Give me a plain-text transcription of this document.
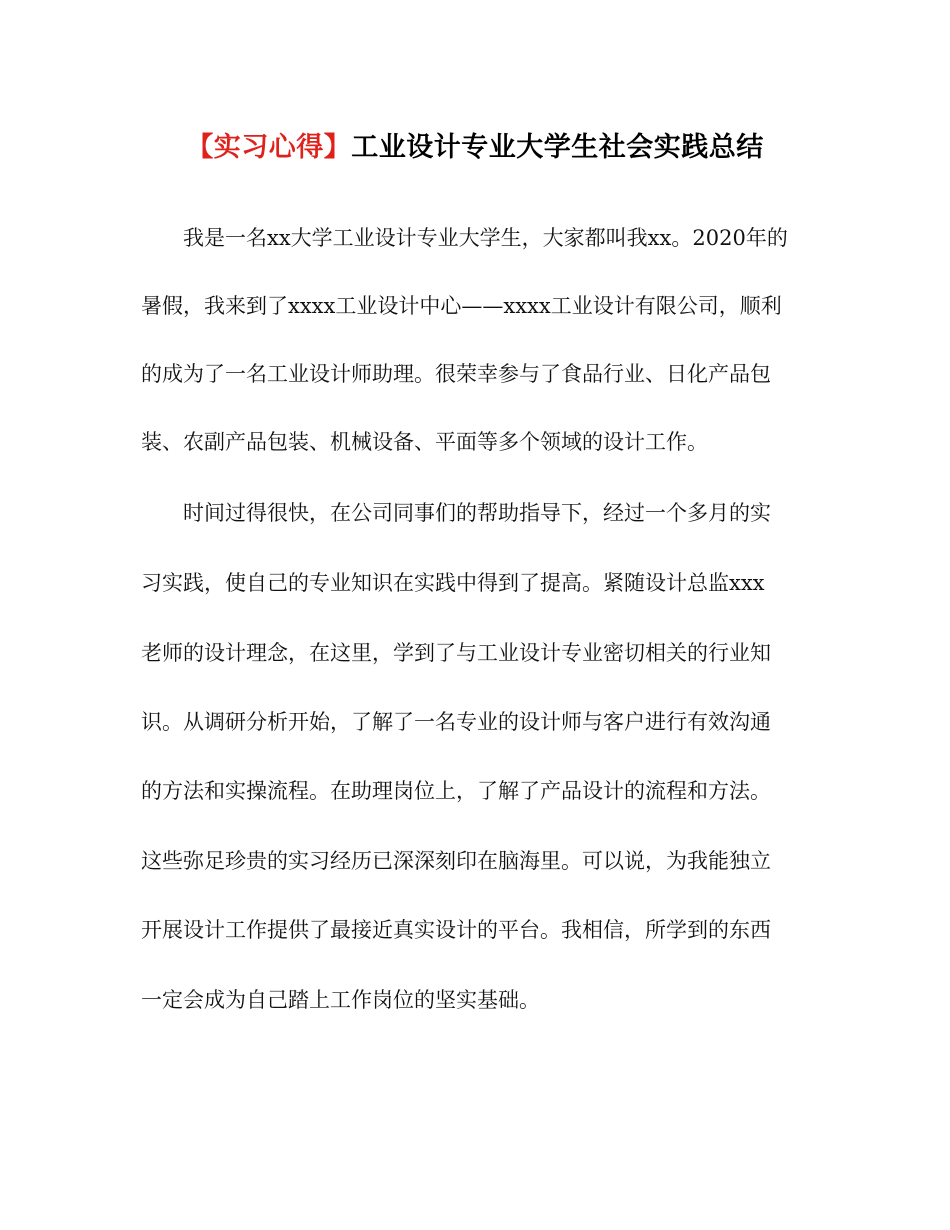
【实习心得】工业设计专业大学生社会实践总结
我是一名xx大学工业设计专业大学生，大家都叫我xx。2020年的
暑假，我来到了xxxx工业设计中心——xxxx工业设计有限公司，顺利
的成为了一名工业设计师助理。很荣幸参与了食品行业、日化产品包
装、农副产品包装、机械设备、平面等多个领域的设计工作。
时间过得很快，在公司同事们的帮助指导下，经过一个多月的实
习实践，使自己的专业知识在实践中得到了提高。紧随设计总监xxx
老师的设计理念，在这里，学到了与工业设计专业密切相关的行业知
识。从调研分析开始，了解了一名专业的设计师与客户进行有效沟通
的方法和实操流程。在助理岗位上，了解了产品设计的流程和方法。
这些弥足珍贵的实习经历已深深刻印在脑海里。可以说，为我能独立
开展设计工作提供了最接近真实设计的平台。我相信，所学到的东西
一定会成为自己踏上工作岗位的坚实基础。
